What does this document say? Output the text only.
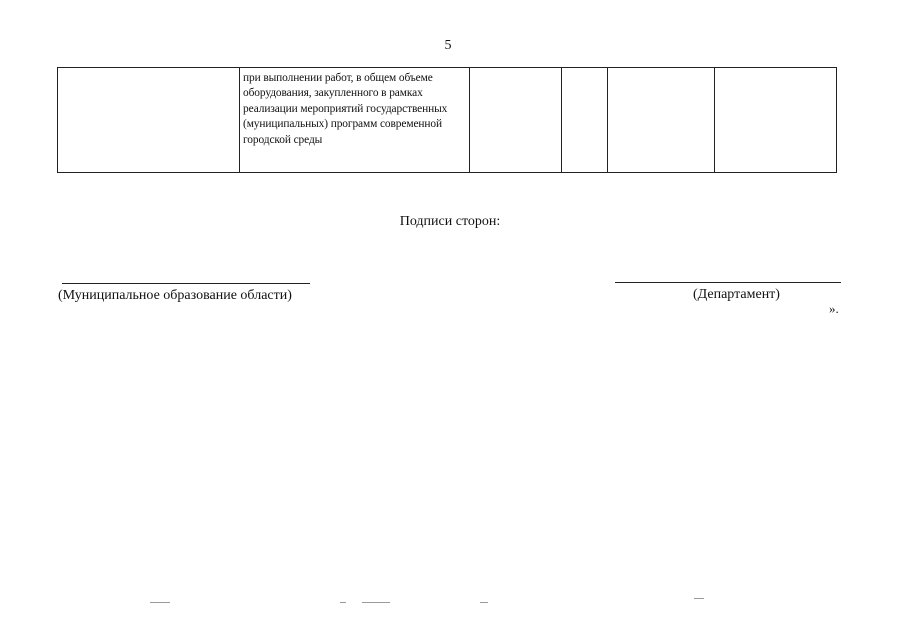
5
	при выполнении работ, в общем объеме оборудования, закупленного в рамках реализации мероприятий государственных (муниципальных) программ современной городской среды				
Подписи сторон:
(Муниципальное образование области)	(Департамент)
».
